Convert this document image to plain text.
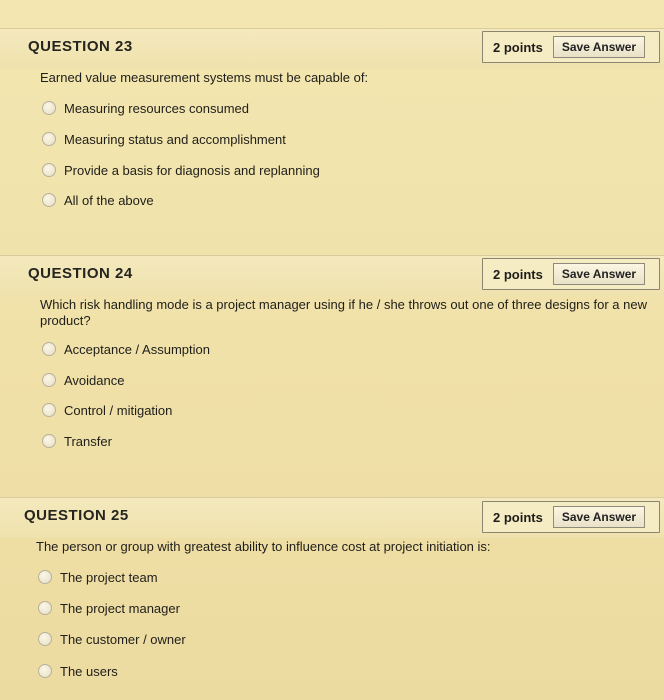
QUESTION 23	2 points	Save Answer
Earned value measurement systems must be capable of:
Measuring resources consumed
Measuring status and accomplishment
Provide a basis for diagnosis and replanning
All of the above
QUESTION 24	2 points	Save Answer
Which risk handling mode is a project manager using if he / she throws out one of three designs for a new product?
Acceptance / Assumption
Avoidance
Control / mitigation
Transfer
QUESTION 25	2 points	Save Answer
The person or group with greatest ability to influence cost at project initiation is:
The project team
The project manager
The customer / owner
The users
